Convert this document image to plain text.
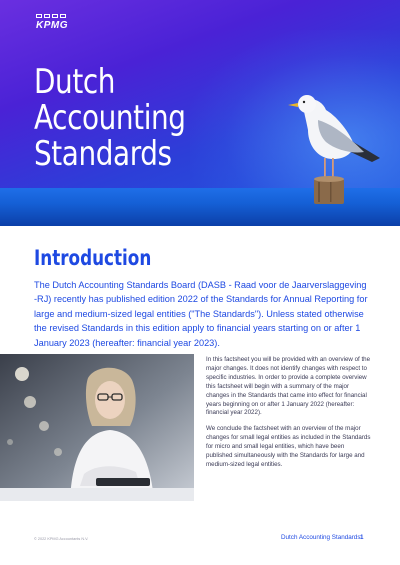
KPMG
Dutch Accounting Standards
Introduction

The Dutch Accounting Standards Board (DASB - Raad voor de Jaarverslaggeving -RJ) recently has published edition 2022 of the Standards for Annual Reporting for large and medium-sized legal entities ("The Standards"). Unless stated otherwise the revised Standards in this edition apply to financial years starting on or after 1 January 2023 (hereafter: financial year 2023).

In this factsheet you will be provided with an overview of the major changes. It does not identify changes with respect to specific industries. In order to provide a complete overview this factsheet will begin with a summary of the major changes in the Standards that came into effect for financial years beginning on or after 1 January 2022 (hereafter: financial year 2022).

We conclude the factsheet with an overview of the major changes for small legal entities as included in the Standards for micro and small legal entities, which have been published simultaneously with the Standards for large and medium-sized legal entities.

© 2022 KPMG Accountants N.V.	Dutch Accounting Standards 1
